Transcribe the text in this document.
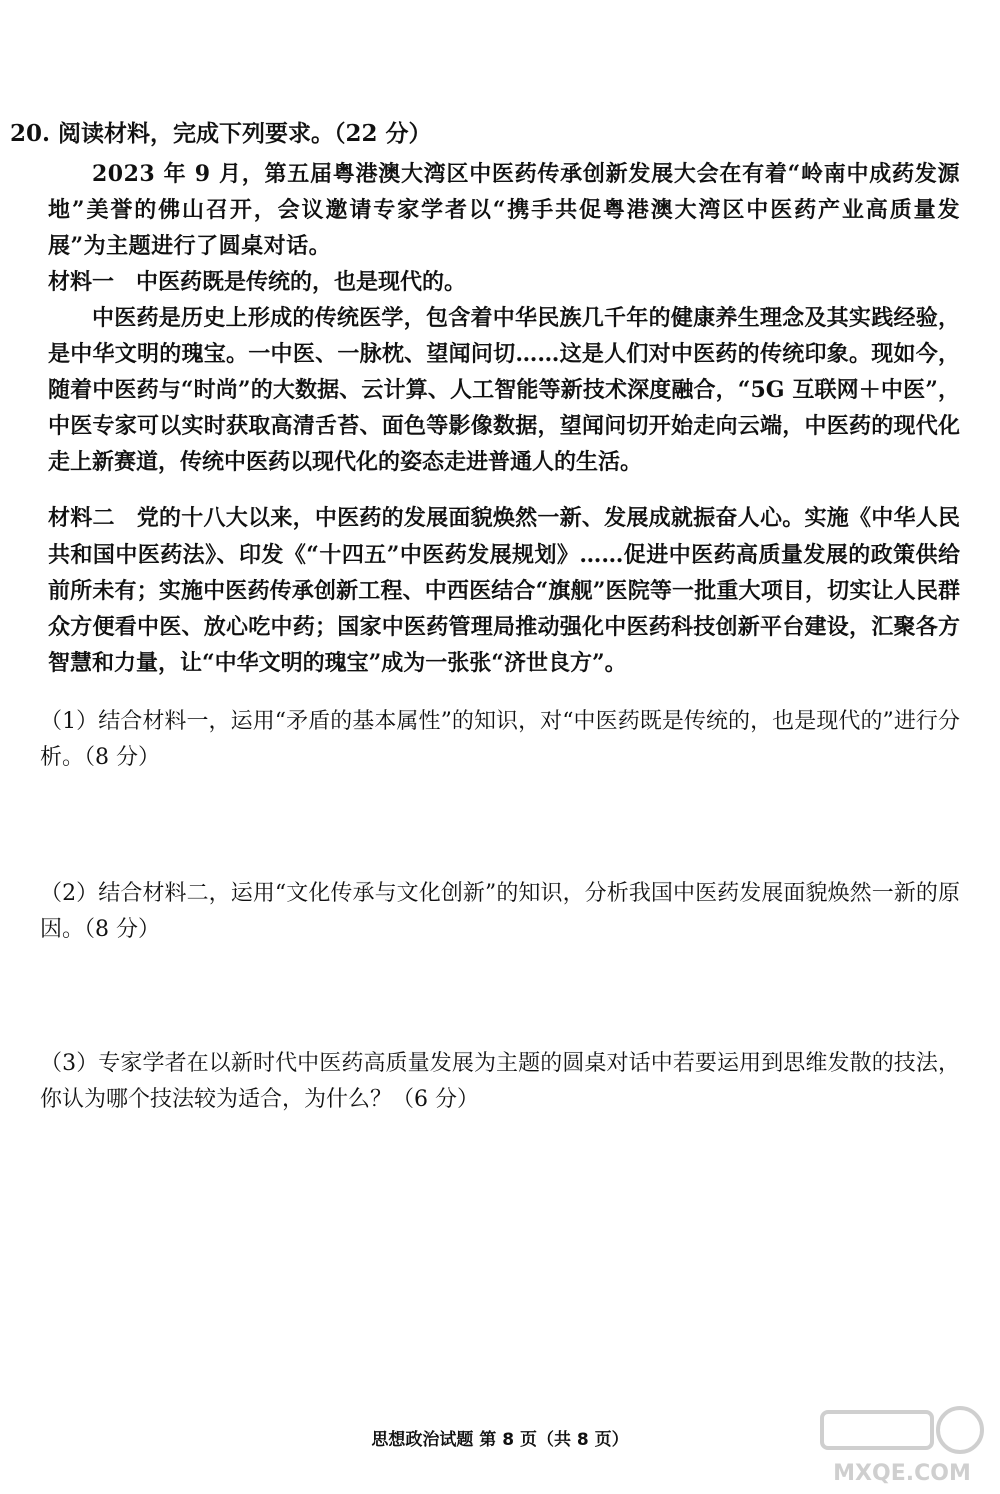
20. 阅读材料，完成下列要求。（22 分）
2023 年 9 月，第五届粤港澳大湾区中医药传承创新发展大会在有着“岭南中成药发源地”美誉的佛山召开，会议邀请专家学者以“携手共促粤港澳大湾区中医药产业高质量发展”为主题进行了圆桌对话。
材料一 中医药既是传统的，也是现代的。
中医药是历史上形成的传统医学，包含着中华民族几千年的健康养生理念及其实践经验，是中华文明的瑰宝。一中医、一脉枕、望闻问切……这是人们对中医药的传统印象。现如今，随着中医药与“时尚”的大数据、云计算、人工智能等新技术深度融合，“5G 互联网＋中医”，中医专家可以实时获取高清舌苔、面色等影像数据，望闻问切开始走向云端，中医药的现代化走上新赛道，传统中医药以现代化的姿态走进普通人的生活。
材料二 党的十八大以来，中医药的发展面貌焕然一新、发展成就振奋人心。实施《中华人民共和国中医药法》、印发《“十四五”中医药发展规划》……促进中医药高质量发展的政策供给前所未有；实施中医药传承创新工程、中西医结合“旗舰”医院等一批重大项目，切实让人民群众方便看中医、放心吃中药；国家中医药管理局推动强化中医药科技创新平台建设，汇聚各方智慧和力量，让“中华文明的瑰宝”成为一张张“济世良方”。
（1）结合材料一，运用“矛盾的基本属性”的知识，对“中医药既是传统的，也是现代的”进行分析。（8 分）
（2）结合材料二，运用“文化传承与文化创新”的知识，分析我国中医药发展面貌焕然一新的原因。（8 分）
（3）专家学者在以新时代中医药高质量发展为主题的圆桌对话中若要运用到思维发散的技法，你认为哪个技法较为适合，为什么？（6 分）
思想政治试题 第 8 页（共 8 页）
MXQE.COM
